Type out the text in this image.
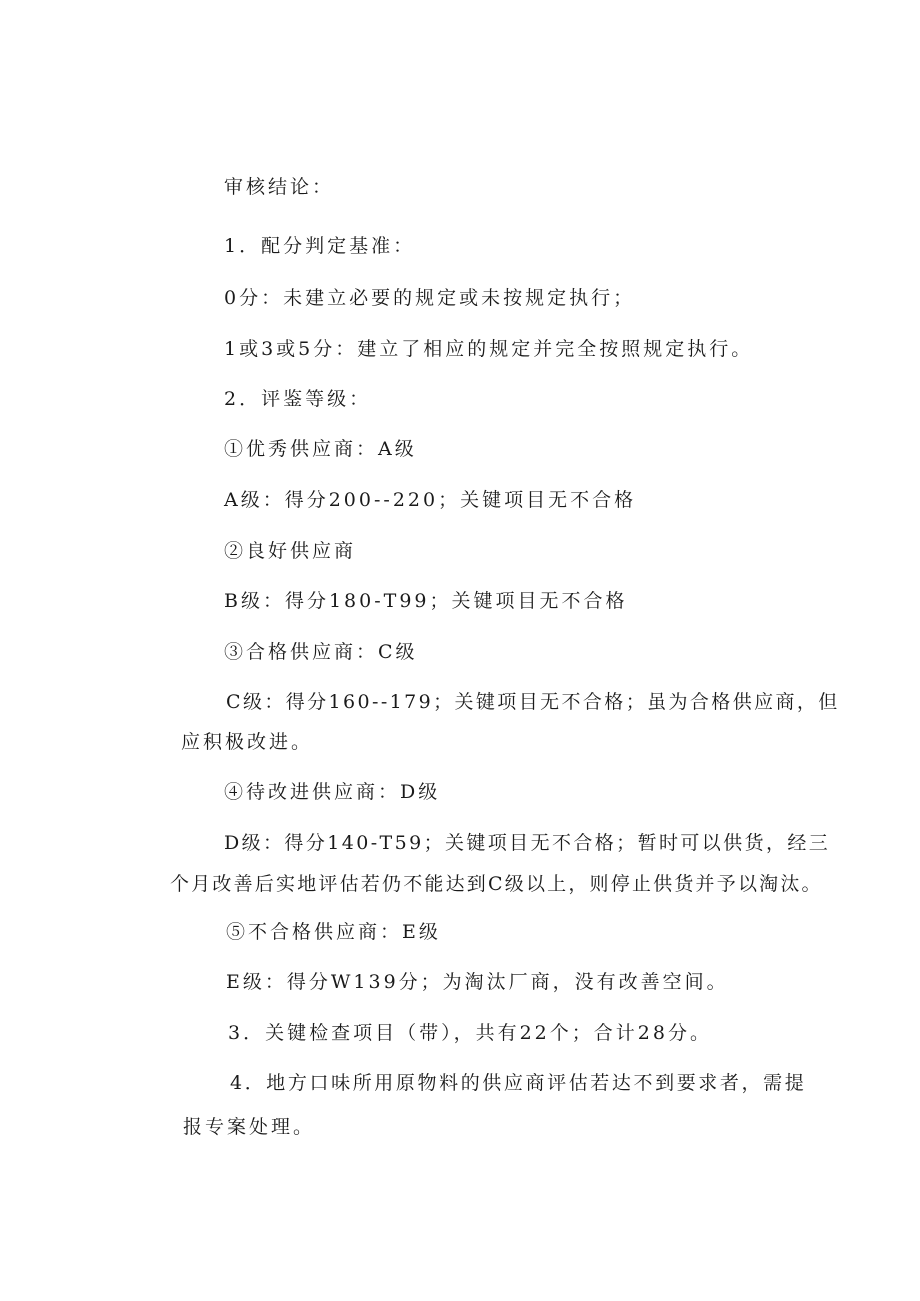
审核结论：
1．配分判定基准：
0分：未建立必要的规定或未按规定执行；
1或3或5分：建立了相应的规定并完全按照规定执行。
2．评鉴等级：
①优秀供应商：A级
A级：得分200--220；关键项目无不合格
②良好供应商
B级：得分180-T99；关键项目无不合格
③合格供应商：C级
C级：得分160--179；关键项目无不合格；虽为合格供应商，但
应积极改进。
④待改进供应商：D级
D级：得分140-T59；关键项目无不合格；暂时可以供货，经三
个月改善后实地评估若仍不能达到C级以上，则停止供货并予以淘汰。
⑤不合格供应商：E级
E级：得分W139分；为淘汰厂商，没有改善空间。
3．关键检查项目（带），共有22个；合计28分。
4．地方口味所用原物料的供应商评估若达不到要求者，需提
报专案处理。
